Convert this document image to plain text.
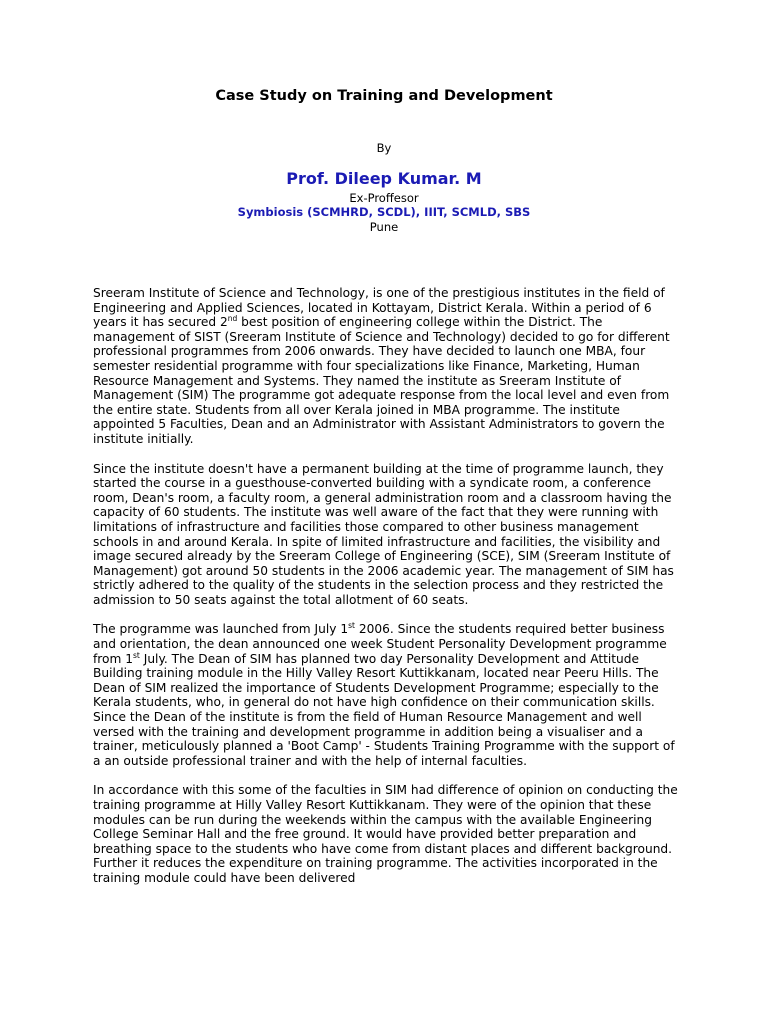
Case Study on Training and Development
By
Prof. Dileep Kumar. M
Ex-Proffesor
Symbiosis (SCMHRD, SCDL), IIIT, SCMLD, SBS
Pune

Sreeram Institute of Science and Technology, is one of the prestigious institutes in the field of Engineering and Applied Sciences, located in Kottayam, District Kerala. Within a period of 6 years it has secured 2nd best position of engineering college within the District. The management of SIST (Sreeram Institute of Science and Technology) decided to go for different professional programmes from 2006 onwards. They have decided to launch one MBA, four semester residential programme with four specializations like Finance, Marketing, Human Resource Management and Systems. They named the institute as Sreeram Institute of Management (SIM) The programme got adequate response from the local level and even from the entire state. Students from all over Kerala joined in MBA programme. The institute appointed 5 Faculties, Dean and an Administrator with Assistant Administrators to govern the institute initially.

Since the institute doesn't have a permanent building at the time of programme launch, they started the course in a guesthouse-converted building with a syndicate room, a conference room, Dean's room, a faculty room, a general administration room and a classroom having the capacity of 60 students. The institute was well aware of the fact that they were running with limitations of infrastructure and facilities those compared to other business management schools in and around Kerala. In spite of limited infrastructure and facilities, the visibility and image secured already by the Sreeram College of Engineering (SCE), SIM (Sreeram Institute of Management) got around 50 students in the 2006 academic year. The management of SIM has strictly adhered to the quality of the students in the selection process and they restricted the admission to 50 seats against the total allotment of 60 seats.

The programme was launched from July 1st 2006. Since the students required better business and orientation, the dean announced one week Student Personality Development programme from 1st July. The Dean of SIM has planned two day Personality Development and Attitude Building training module in the Hilly Valley Resort Kuttikkanam, located near Peeru Hills. The Dean of SIM realized the importance of Students Development Programme; especially to the Kerala students, who, in general do not have high confidence on their communication skills. Since the Dean of the institute is from the field of Human Resource Management and well versed with the training and development programme in addition being a visualiser and a trainer, meticulously planned a 'Boot Camp' - Students Training Programme with the support of a an outside professional trainer and with the help of internal faculties.

In accordance with this some of the faculties in SIM had difference of opinion on conducting the training programme at Hilly Valley Resort Kuttikkanam. They were of the opinion that these modules can be run during the weekends within the campus with the available Engineering College Seminar Hall and the free ground. It would have provided better preparation and breathing space to the students who have come from distant places and different background. Further it reduces the expenditure on training programme. The activities incorporated in the training module could have been delivered
